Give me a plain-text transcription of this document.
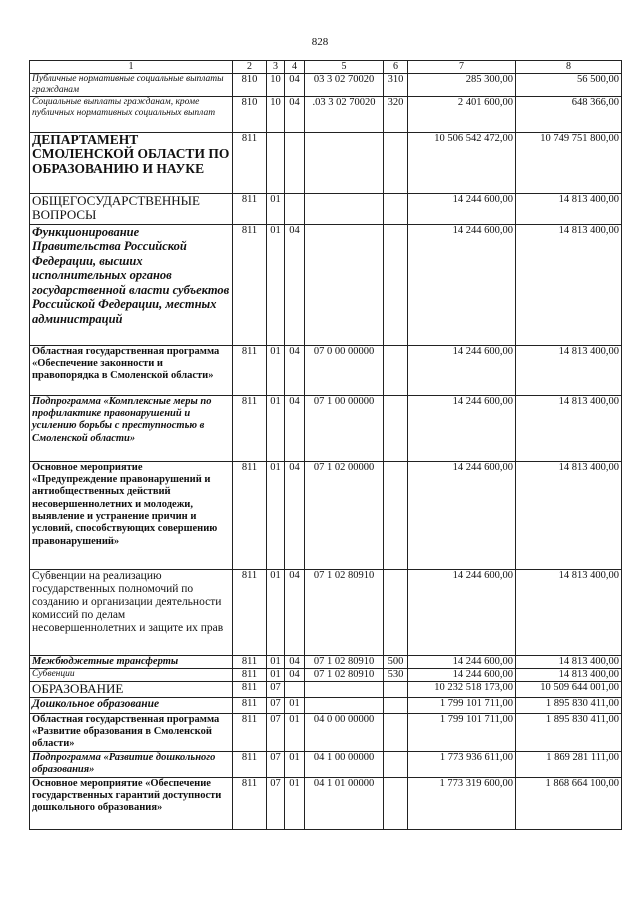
828
1	2	3	4	5	6	7	8
Публичные нормативные социальные выплаты гражданам	810	10	04	03 3 02 70020	310	285 300,00	56 500,00
Социальные выплаты гражданам, кроме публичных нормативных социальных выплат	810	10	04	.03 3 02 70020	320	2 401 600,00	648 366,00
ДЕПАРТАМЕНТ СМОЛЕНСКОЙ ОБЛАСТИ ПО ОБРАЗОВАНИЮ И НАУКЕ	811					10 506 542 472,00	10 749 751 800,00
ОБЩЕГОСУДАРСТВЕННЫЕ ВОПРОСЫ	811	01				14 244 600,00	14 813 400,00
Функционирование Правительства Российской Федерации, высших исполнительных органов государственной власти субъектов Российской Федерации, местных администраций	811	01	04			14 244 600,00	14 813 400,00
Областная государственная программа «Обеспечение законности и правопорядка в Смоленской области»	811	01	04	07 0 00 00000		14 244 600,00	14 813 400,00
Подпрограмма «Комплексные меры по профилактике правонарушений и усилению борьбы с преступностью в Смоленской области»	811	01	04	07 1 00 00000		14 244 600,00	14 813 400,00
Основное мероприятие «Предупреждение правонарушений и антиобщественных действий несовершеннолетних и молодежи, выявление и устранение причин и условий, способствующих совершению правонарушений»	811	01	04	07 1 02 00000		14 244 600,00	14 813 400,00
Субвенции на реализацию государственных полномочий по созданию и организации деятельности комиссий по делам несовершеннолетних и защите их прав	811	01	04	07 1 02 80910		14 244 600,00	14 813 400,00
Межбюджетные трансферты	811	01	04	07 1 02 80910	500	14 244 600,00	14 813 400,00
Субвенции	811	01	04	07 1 02 80910	530	14 244 600,00	14 813 400,00
ОБРАЗОВАНИЕ	811	07				10 232 518 173,00	10 509 644 001,00
Дошкольное образование	811	07	01			1 799 101 711,00	1 895 830 411,00
Областная государственная программа «Развитие образования в Смоленской области»	811	07	01	04 0 00 00000		1 799 101 711,00	1 895 830 411,00
Подпрограмма «Развитие дошкольного образования»	811	07	01	04 1 00 00000		1 773 936 611,00	1 869 281 111,00
Основное мероприятие «Обеспечение государственных гарантий доступности дошкольного образования»	811	07	01	04 1 01 00000		1 773 319 600,00	1 868 664 100,00
